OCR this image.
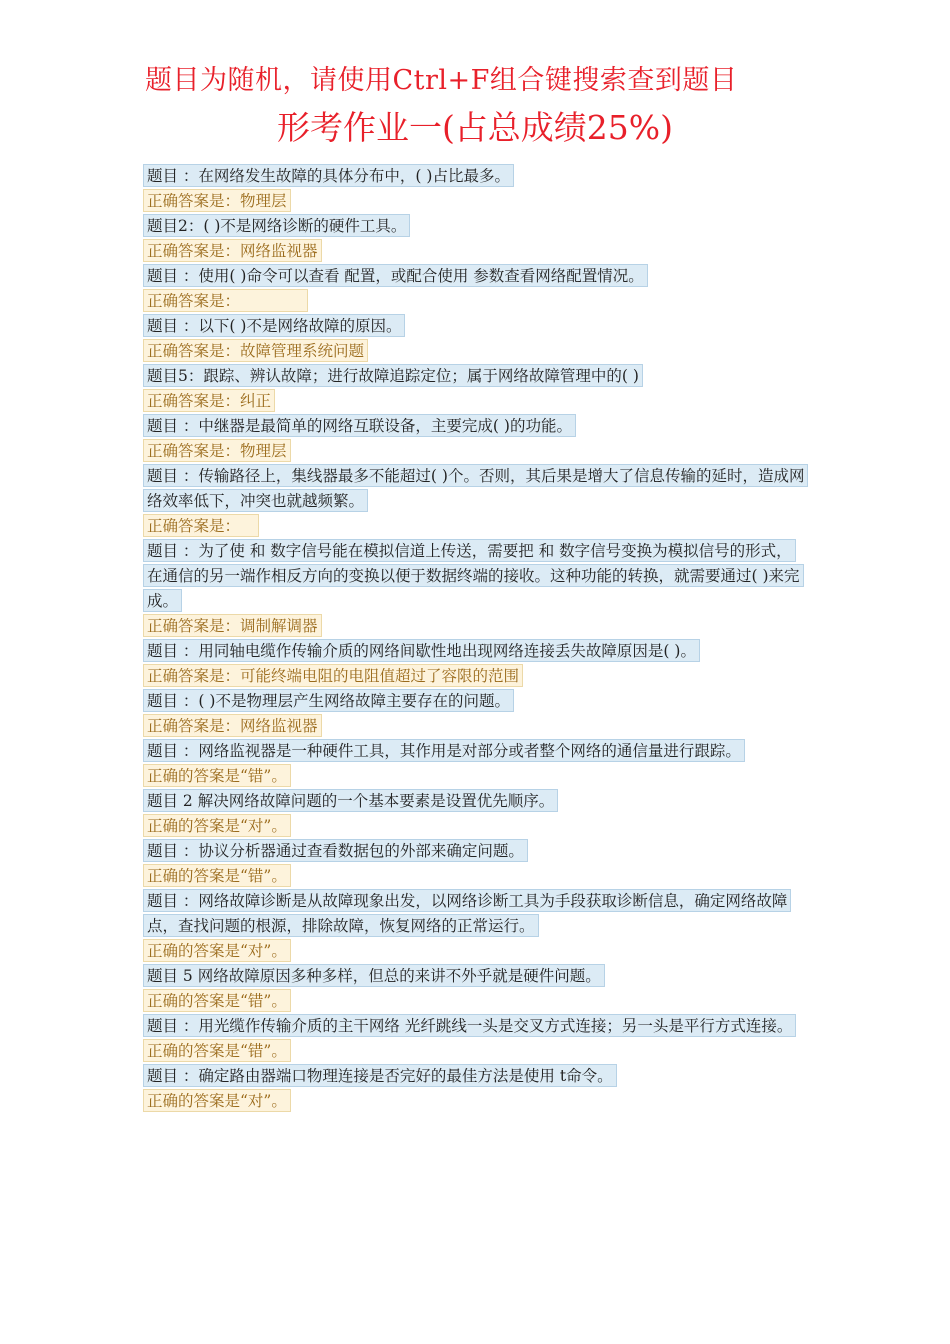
题目为随机，请使用Ctrl+F组合键搜索查到题目
形考作业一(占总成绩25%)
题目 ：在网络发生故障的具体分布中，( )占比最多。
正确答案是：物理层
题目2：( )不是网络诊断的硬件工具。
正确答案是：网络监视器
题目 ：使用( )命令可以查看 配置，或配合使用 参数查看网络配置情况。
正确答案是：
题目 ：以下( )不是网络故障的原因。
正确答案是：故障管理系统问题
题目5：跟踪、辨认故障；进行故障追踪定位；属于网络故障管理中的( )
正确答案是：纠正
题目 ：中继器是最简单的网络互联设备，主要完成( )的功能。
正确答案是：物理层
题目 ：传输路径上，集线器最多不能超过( )个。否则，其后果是增大了信息传输的延时，造成网络效率低下，冲突也就越频繁。
正确答案是：
题目 ：为了使 和 数字信号能在模拟信道上传送，需要把 和 数字信号变换为模拟信号的形式，在通信的另一端作相反方向的变换以便于数据终端的接收。这种功能的转换，就需要通过( )来完成。
正确答案是：调制解调器
题目 ：用同轴电缆作传输介质的网络间歇性地出现网络连接丢失故障原因是( )。
正确答案是：可能终端电阻的电阻值超过了容限的范围
题目 ：( )不是物理层产生网络故障主要存在的问题。
正确答案是：网络监视器
题目 ：网络监视器是一种硬件工具，其作用是对部分或者整个网络的通信量进行跟踪。
正确的答案是“错”。
题目 2 解决网络故障问题的一个基本要素是设置优先顺序。
正确的答案是“对”。
题目 ：协议分析器通过查看数据包的外部来确定问题。
正确的答案是“错”。
题目 ：网络故障诊断是从故障现象出发，以网络诊断工具为手段获取诊断信息，确定网络故障点，查找问题的根源，排除故障，恢复网络的正常运行。
正确的答案是“对”。
题目 5 网络故障原因多种多样，但总的来讲不外乎就是硬件问题。
正确的答案是“错”。
题目 ：用光缆作传输介质的主干网络 光纤跳线一头是交叉方式连接；另一头是平行方式连接。
正确的答案是“错”。
题目 ：确定路由器端口物理连接是否完好的最佳方法是使用 t命令。
正确的答案是“对”。
